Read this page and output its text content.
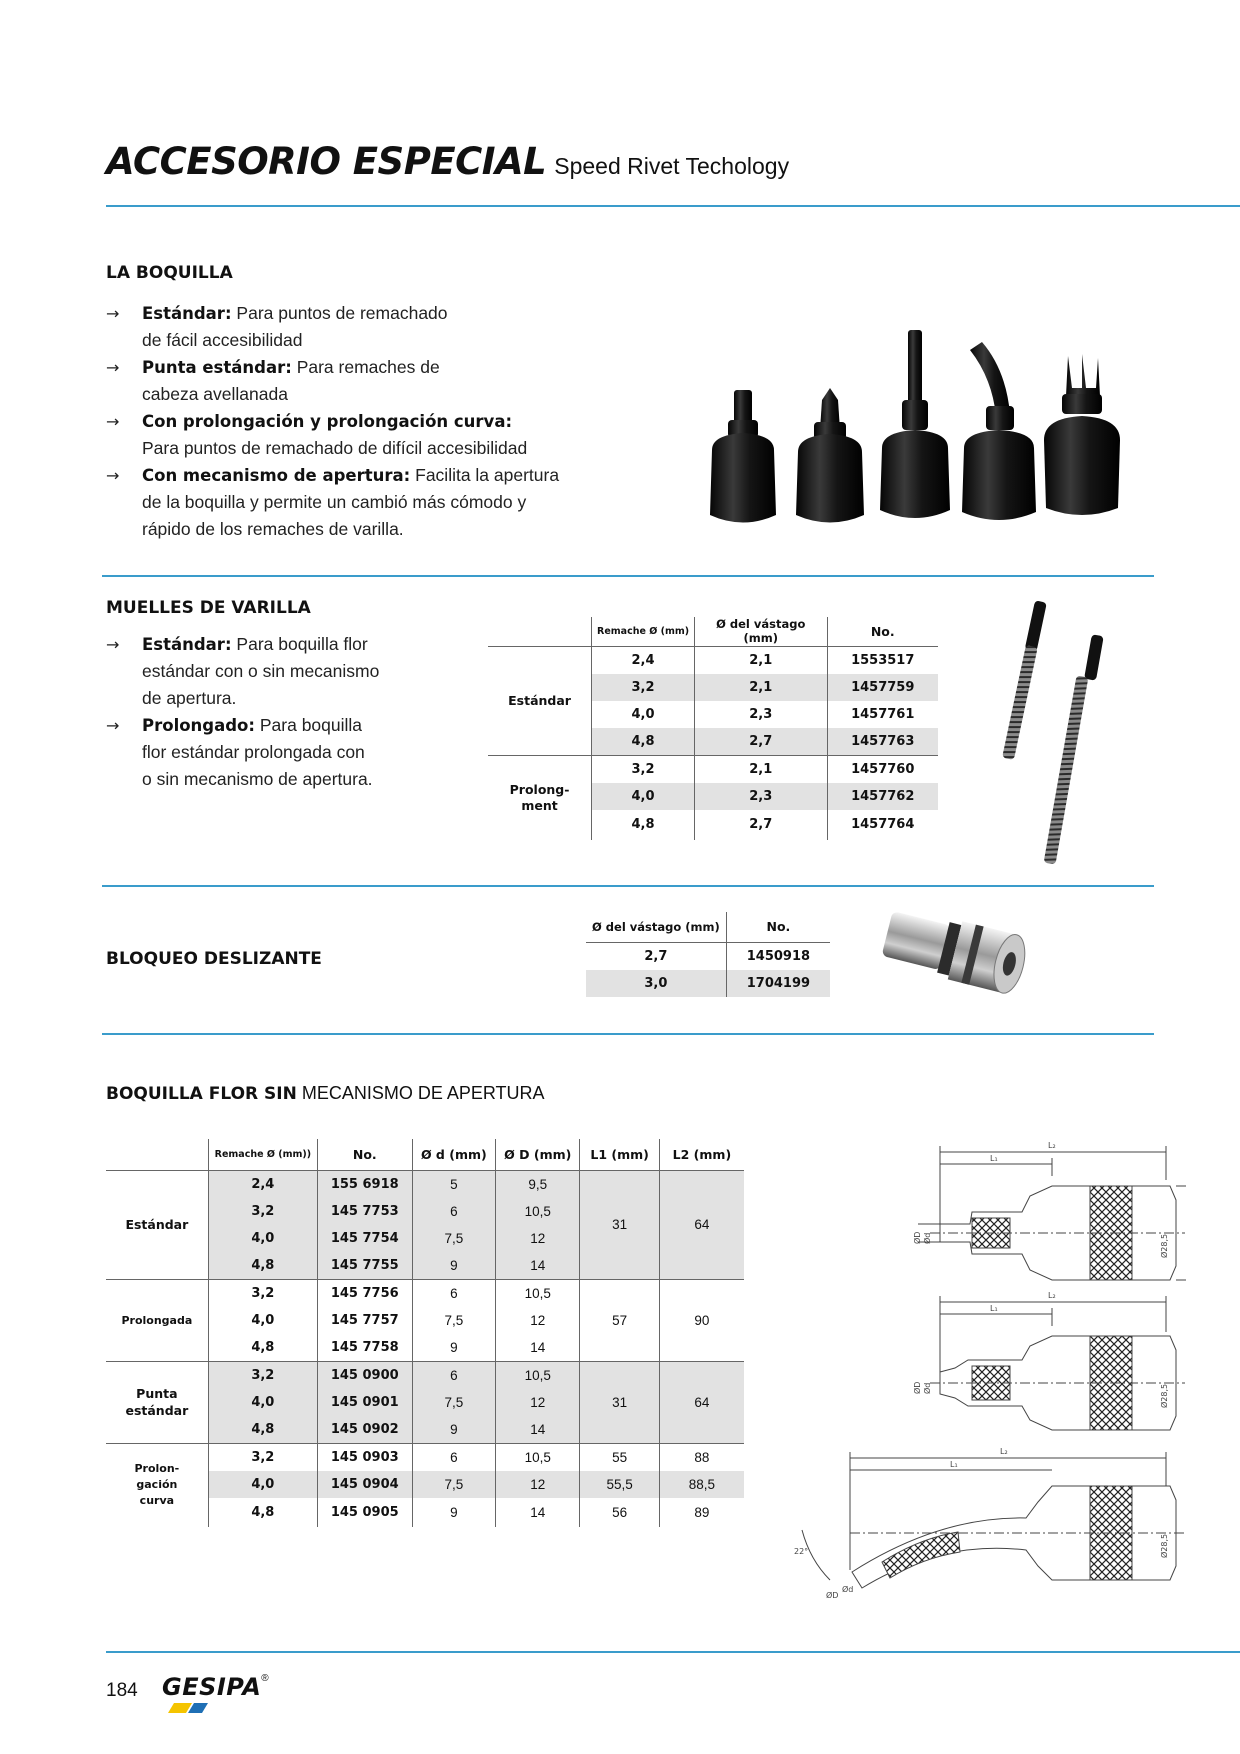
ACCESORIO ESPECIAL Speed Rivet Techology
LA BOQUILLA
→ Estándar: Para puntos de remachado
de fácil accesibilidad
→ Punta estándar: Para remaches de
cabeza avellanada
→ Con prolongación y prolongación curva:
Para puntos de remachado de difícil accesibilidad
→ Con mecanismo de apertura: Facilita la apertura
de la boquilla y permite un cambió más cómodo y
rápido de los remaches de varilla.
MUELLES DE VARILLA
→ Estándar: Para boquilla flor
estándar con o sin mecanismo
de apertura.
→ Prolongado: Para boquilla
flor estándar prolongada con
o sin mecanismo de apertura.
	Remache Ø (mm)	Ø del vástago (mm)	No.
Estándar	2,4	2,1	1553517
	3,2	2,1	1457759
	4,0	2,3	1457761
	4,8	2,7	1457763
Prolong-
ment	3,2	2,1	1457760
	4,0	2,3	1457762
	4,8	2,7	1457764
BLOQUEO DESLIZANTE
Ø del vástago (mm)	No.
2,7	1450918
3,0	1704199
BOQUILLA FLOR SIN MECANISMO DE APERTURA
	Remache Ø (mm))	No.	Ø d (mm)	Ø D (mm)	L1 (mm)	L2 (mm)
Estándar	2,4	155 6918	5	9,5	31	64
	3,2	145 7753	6	10,5		
	4,0	145 7754	7,5	12		
	4,8	145 7755	9	14		
Prolongada	3,2	145 7756	6	10,5	57	90
	4,0	145 7757	7,5	12		
	4,8	145 7758	9	14		
Punta
estándar	3,2	145 0900	6	10,5	31	64
	4,0	145 0901	7,5	12		
	4,8	145 0902	9	14		
Prolon-
gación
curva	3,2	145 0903	6	10,5	55	88
	4,0	145 0904	7,5	12	55,5	88,5
	4,8	145 0905	9	14	56	89
L₂
L₁
ØD Ød	Ø28,5
L₂
L₁
ØD Ød	Ø28,5
L₂
L₁
Ø28,5
22°
ØD
Ød
184 GESIPA®
